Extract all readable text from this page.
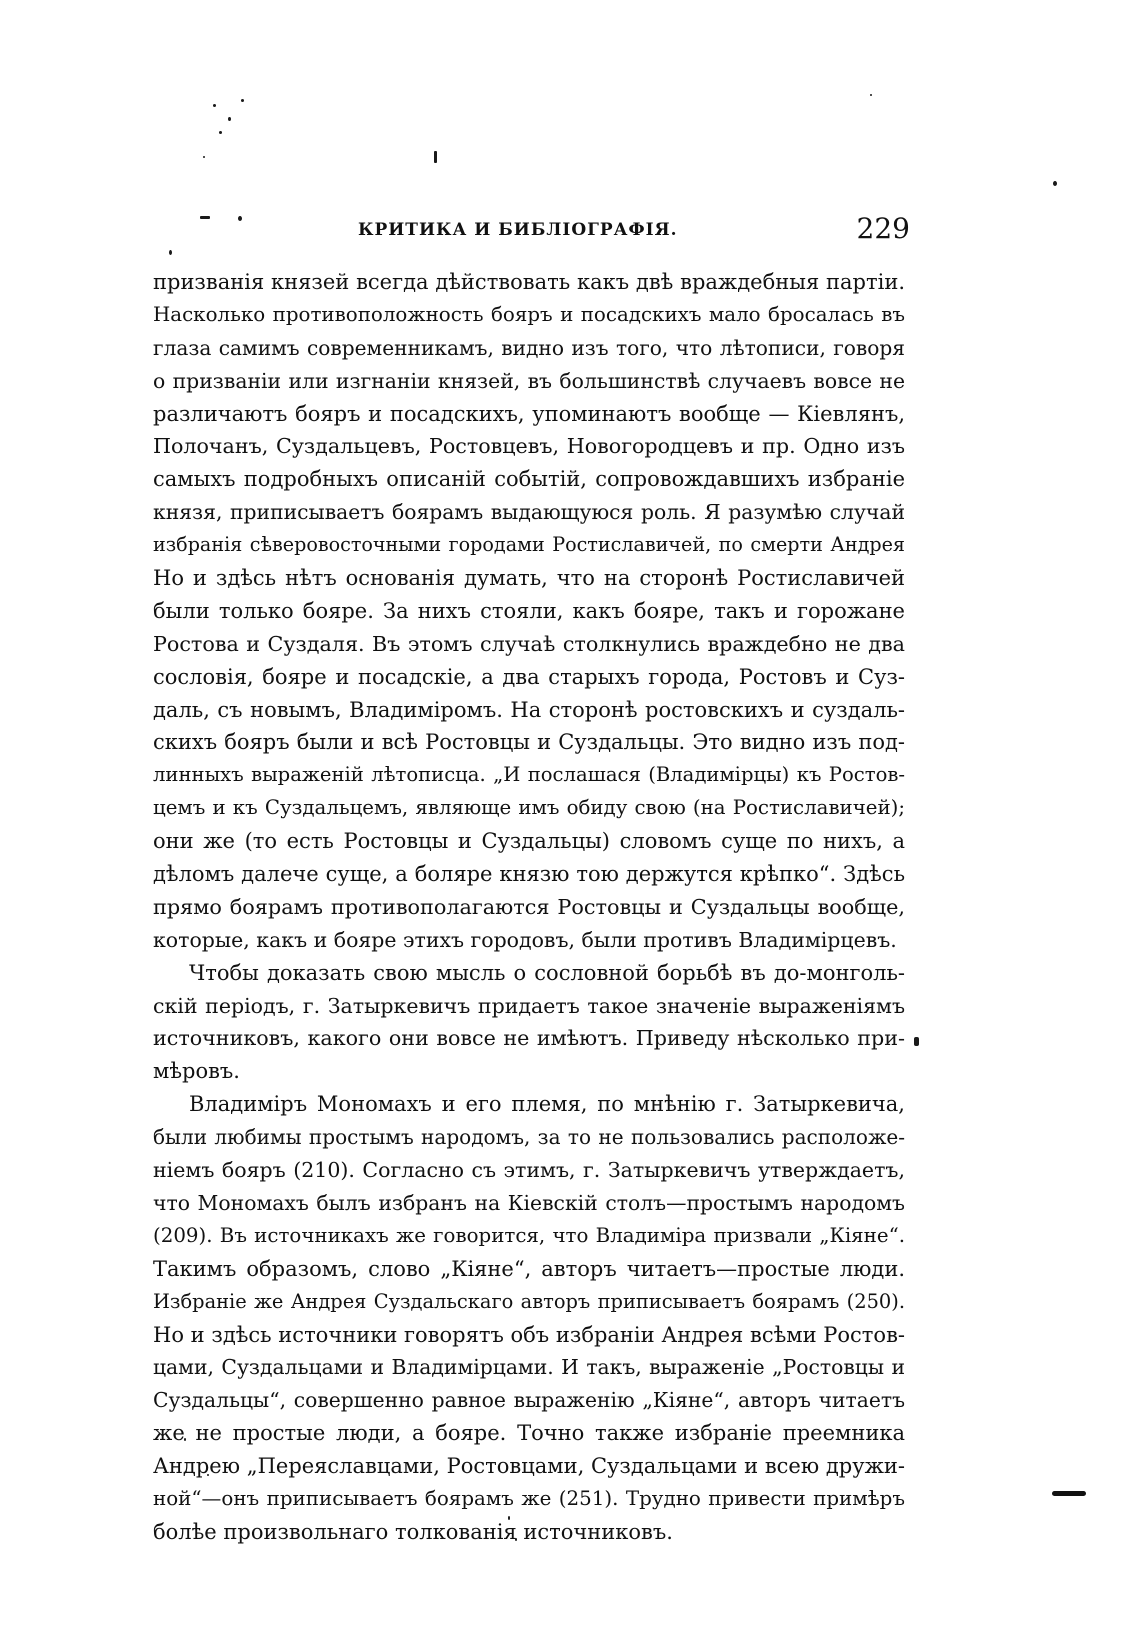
КРИТИКА И БИБЛІОГРАФІЯ.	229
призванія князей всегда дѣйствовать какъ двѣ враждебныя партіи.
Насколько противоположность бояръ и посадскихъ мало бросалась въ
глаза самимъ современникамъ, видно изъ того, что лѣтописи, говоря
о призваніи или изгнаніи князей, въ большинствѣ случаевъ вовсе не
различаютъ бояръ и посадскихъ, упоминаютъ вообще — Кіевлянъ,
Полочанъ, Суздальцевъ, Ростовцевъ, Новогородцевъ и пр. Одно изъ
самыхъ подробныхъ описаній событій, сопровождавшихъ избраніе
князя, приписываетъ боярамъ выдающуюся роль. Я разумѣю случай
избранія сѣверовосточными городами Ростиславичей, по смерти Андрея
Но и здѣсь нѣтъ основанія думать, что на сторонѣ Ростиславичей
были только бояре. За нихъ стояли, какъ бояре, такъ и горожане
Ростова и Суздаля. Въ этомъ случаѣ столкнулись враждебно не два
сословія, бояре и посадскіе, а два старыхъ города, Ростовъ и Суз-
даль, съ новымъ, Владиміромъ. На сторонѣ ростовскихъ и суздаль-
скихъ бояръ были и всѣ Ростовцы и Суздальцы. Это видно изъ под-
линныхъ выраженій лѣтописца. „И послашася (Владимірцы) къ Ростов-
цемъ и къ Суздальцемъ, являюще имъ обиду свою (на Ростиславичей);
они же (то есть Ростовцы и Суздальцы) словомъ суще по нихъ, а
дѣломъ далече суще, а боляре князю тою держутся крѣпко“. Здѣсь
прямо боярамъ противополагаются Ростовцы и Суздальцы вообще,
которые, какъ и бояре этихъ городовъ, были противъ Владимірцевъ.
Чтобы доказать свою мысль о сословной борьбѣ въ до-монголь-
скій періодъ, г. Затыркевичъ придаетъ такое значеніе выраженіямъ
источниковъ, какого они вовсе не имѣютъ. Приведу нѣсколько при-
мѣровъ.
Владиміръ Мономахъ и его племя, по мнѣнію г. Затыркевича,
были любимы простымъ народомъ, за то не пользовались расположе-
ніемъ бояръ (210). Согласно съ этимъ, г. Затыркевичъ утверждаетъ,
что Мономахъ былъ избранъ на Кіевскій столъ—простымъ народомъ
(209). Въ источникахъ же говорится, что Владиміра призвали „Кіяне“.
Такимъ образомъ, слово „Кіяне“, авторъ читаетъ—простые люди.
Избраніе же Андрея Суздальскаго авторъ приписываетъ боярамъ (250).
Но и здѣсь источники говорятъ объ избраніи Андрея всѣми Ростов-
цами, Суздальцами и Владимірцами. И такъ, выраженіе „Ростовцы и
Суздальцы“, совершенно равное выраженію „Кіяне“, авторъ читаетъ
же не простые люди, а бояре. Точно также избраніе преемника
Андрею „Переяславцами, Ростовцами, Суздальцами и всею дружи-
ной“—онъ приписываетъ боярамъ же (251). Трудно привести примѣръ
болѣе произвольнаго толкованія источниковъ.
